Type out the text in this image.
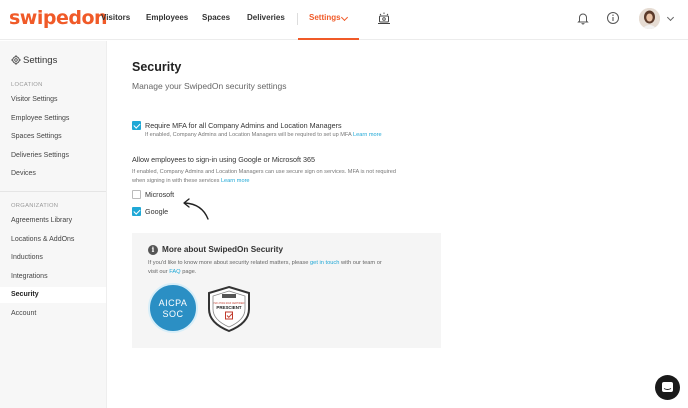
swipedon
Visitors Employees Spaces Deliveries	Settings
Settings
LOCATION
Visitor Settings
Employee Settings
Spaces Settings
Deliveries Settings
Devices
ORGANIZATION
Agreements Library
Locations & AddOns
Inductions
Integrations
Security
Account
Security
Manage your SwipedOn security settings
Require MFA for all Company Admins and Location Managers
If enabled, Company Admins and Location Managers will be required to set up MFA Learn more
Allow employees to sign-in using Google or Microsoft 365
If enabled, Company Admins and Location Managers can use secure sign on services. MFA is not required
when signing in with these services Learn more
Microsoft
Google
i More about SwipedOn Security
If you'd like to know more about security related matters, please get in touch with our team or
visit our FAQ page.
AICPA
SOC
ISO 27001:2013 CERTIFIED
PRESCIENT
